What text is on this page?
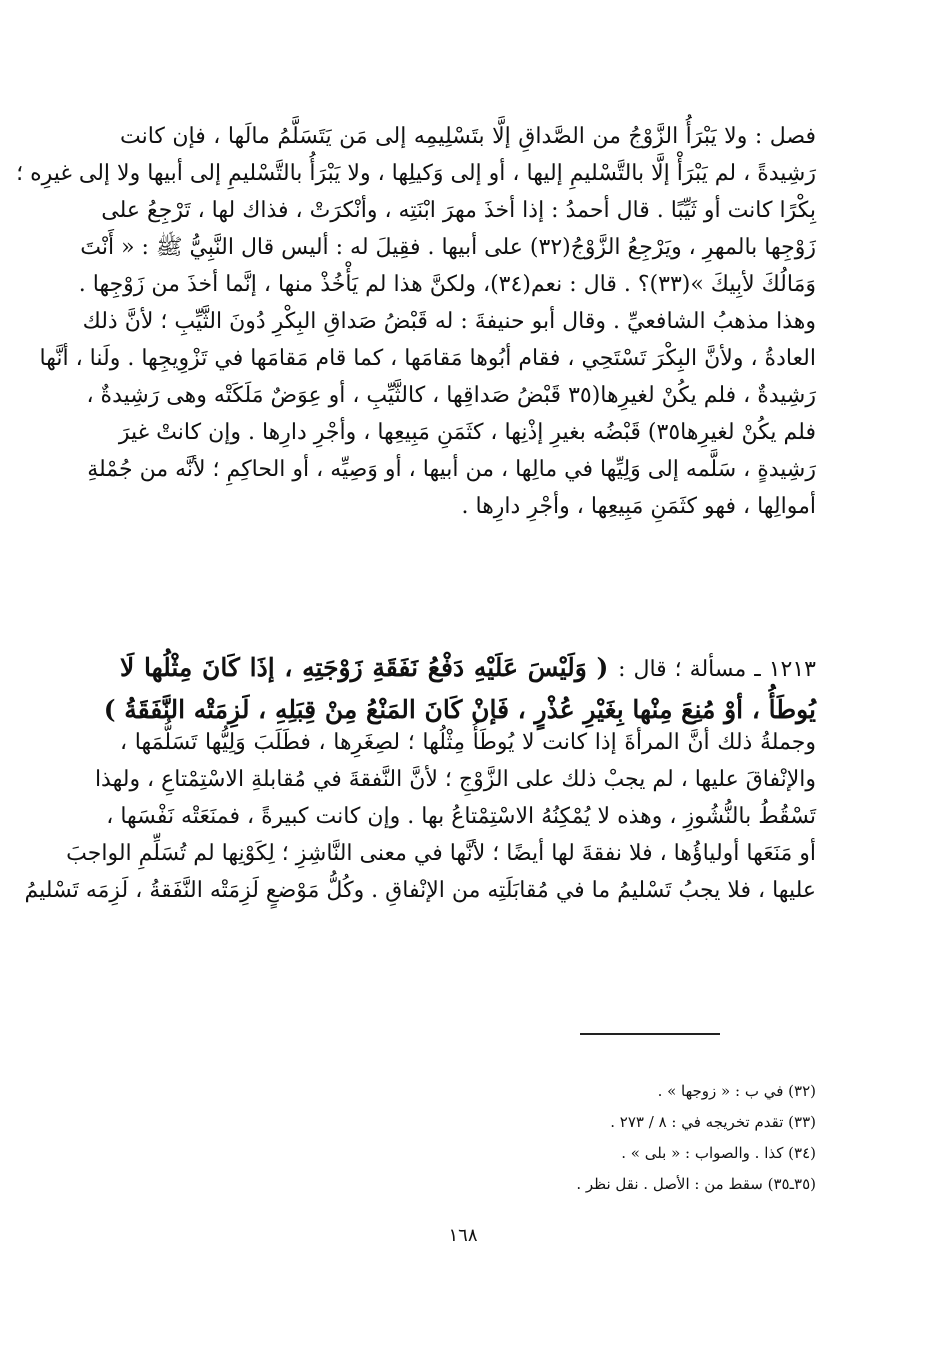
فصل : ولا يَبْرَأُ الزَّوْجُ من الصَّداقِ إلَّا بتَسْلِيمِه إلى مَن يَتَسَلَّمُ مالَها ، فإن كانت
رَشِيدةً ، لم يَبْرَأْ إلَّا بالتَّسْليمِ إليها ، أو إلى وَكيلِها ، ولا يَبْرَأُ بالتَّسْليمِ إلى أبيها ولا إلى غيرِه ؛
بِكْرًا كانت أو ثَيِّبًا . قال أحمدُ : إذا أخذَ مهرَ ابْنَتِه ، وأنْكرَتْ ، فذاك لها ، تَرْجِعُ على
زَوْجِها بالمهرِ ، ويَرْجِعُ الزَّوْجُ(٣٢) على أبيها . فقِيلَ له : أليس قال النَّبِيُّ ﷺ : « أَنْتَ
وَمَالُكَ لأبِيكَ »(٣٣)؟ . قال : نعم(٣٤)، ولكنَّ هذا لم يَأْخُذْ منها ، إنَّما أخذَ من زَوْجِها .
وهذا مذهبُ الشافعيِّ . وقال أبو حنيفةَ : له قَبْضُ صَداقِ البِكْرِ دُونَ الثَّيِّبِ ؛ لأنَّ ذلك
العادةُ ، ولأنَّ البِكْرَ تَسْتَحِي ، فقام أبُوها مَقامَها ، كما قام مَقامَها في تَزْوِيجِها . ولَنا ، أنَّها
رَشِيدةٌ ، فلم يكُنْ لغيرِها(٣٥ قَبْضُ صَداقِها ، كالثَّيِّبِ ، أو عِوَضٌ مَلَكَتْه وهى رَشِيدةٌ ،
فلم يكُنْ لغيرِها٣٥) قَبْضُه بغيرِ إذْنِها ، كثَمَنِ مَبِيعِها ، وأجْرِ دارِها . وإن كانتْ غيرَ
رَشِيدةٍ ، سَلَّمه إلى وَلِيِّها في مالِها ، من أبيها ، أو وَصِيِّه ، أو الحاكِمِ ؛ لأنَّه من جُمْلةِ
أموالِها ، فهو كثَمَنِ مَبِيعِها ، وأجْرِ دارِها .
١٢١٣ ـ مسألة ؛ قال : ( وَلَيْسَ عَلَيْهِ دَفْعُ نَفَقَةِ زَوْجَتِهِ ، إذَا كَانَ مِثْلُها لَا
يُوطَأُ ، أوْ مُنِعَ مِنْها بِغَيْرِ عُذْرٍ ، فَإنْ كَانَ المَنْعُ مِنْ قِبَلِهِ ، لَزِمَتْه النَّفَقَةُ )
وجملةُ ذلك أنَّ المرأةَ إذا كانت لا يُوطَأُ مِثْلُها ؛ لصِغَرِها ، فطَلَبَ وَلِيُّها تَسَلُّمَها ،
والإنْفاقَ عليها ، لم يجبْ ذلك على الزَّوْجِ ؛ لأنَّ النَّفقةَ في مُقابلةِ الاسْتِمْتاعِ ، ولهذا
تَسْقُطُ بالنُّشُوزِ ، وهذه لا يُمْكِنُهُ الاسْتِمْتاعُ بها . وإن كانت كبيرةً ، فمنَعَتْه نَفْسَها ،
أو مَنَعَها أولياؤُها ، فلا نفقةَ لها أيضًا ؛ لأنَّها في معنى النَّاشِزِ ؛ لِكَوْنِها لم تُسَلِّمِ الواجبَ
عليها ، فلا يجبُ تَسْليمُ ما في مُقابَلَتِه من الإنْفاقِ . وكُلُّ مَوْضعٍ لَزِمَتْه النَّفَقةُ ، لَزِمَه تَسْليمُ
(٣٢) في ب : « زوجها » .
(٣٣) تقدم تخريجه في : ٨ / ٢٧٣ .
(٣٤) كذا . والصواب : « بلى » .
(٣٥ـ٣٥) سقط من : الأصل . نقل نظر .
١٦٨
